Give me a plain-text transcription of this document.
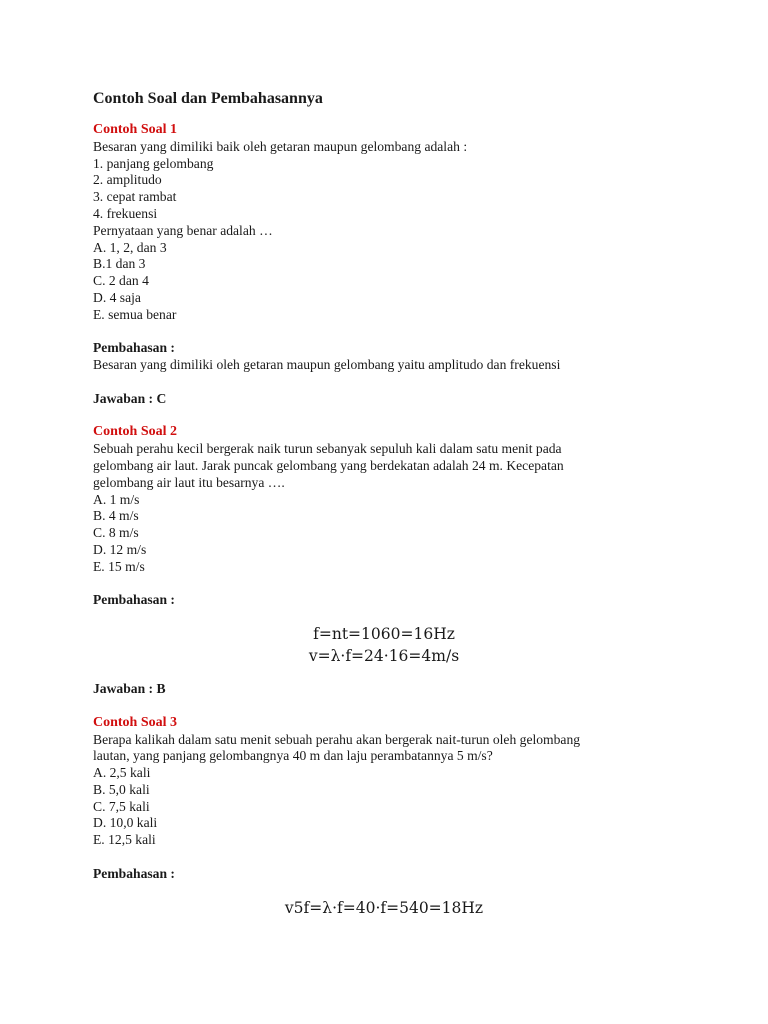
Contoh Soal dan Pembahasannya
Contoh Soal 1
Besaran yang dimiliki baik oleh getaran maupun gelombang adalah :
1. panjang gelombang
2. amplitudo
3. cepat rambat
4. frekuensi
Pernyataan yang benar adalah …
A. 1, 2, dan 3
B.1 dan 3
C. 2 dan 4
D. 4 saja
E. semua benar
Pembahasan :
Besaran yang dimiliki oleh getaran maupun gelombang yaitu amplitudo dan frekuensi
Jawaban : C
Contoh Soal 2
Sebuah perahu kecil bergerak naik turun sebanyak sepuluh kali dalam satu menit pada
gelombang air laut. Jarak puncak gelombang yang berdekatan adalah 24 m. Kecepatan
gelombang air laut itu besarnya ….
A. 1 m/s
B. 4 m/s
C. 8 m/s
D. 12 m/s
E. 15 m/s
Pembahasan :
f=nt=1060=16Hz
v=λ·f=24·16=4m/s
Jawaban : B
Contoh Soal 3
Berapa kalikah dalam satu menit sebuah perahu akan bergerak nait-turun oleh gelombang
lautan, yang panjang gelombangnya 40 m dan laju perambatannya 5 m/s?
A. 2,5 kali
B. 5,0 kali
C. 7,5 kali
D. 10,0 kali
E. 12,5 kali
Pembahasan :
v5f=λ·f=40·f=540=18Hz
